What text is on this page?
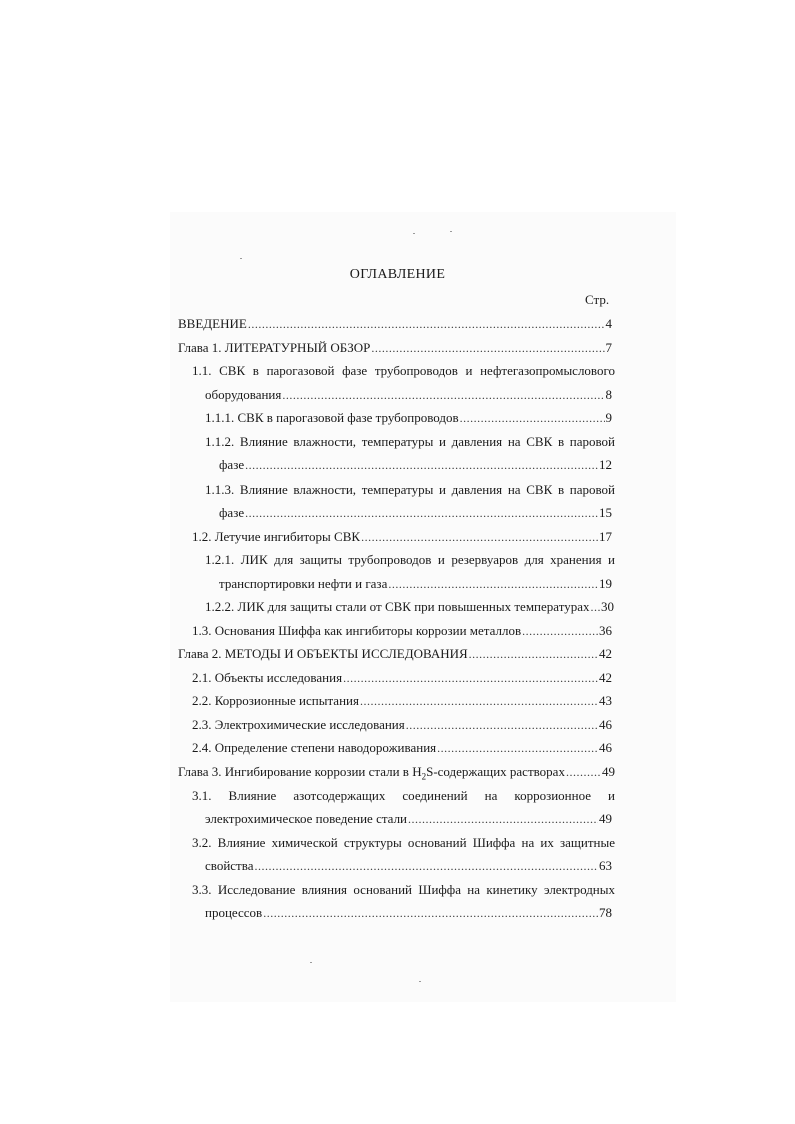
ОГЛАВЛЕНИЕ
Стр.
ВВЕДЕНИЕ .....	4
Глава 1. ЛИТЕРАТУРНЫЙ ОБЗОР .....	7
1.1. СВК в парогазовой фазе трубопроводов и нефтегазопромыслового
оборудования .....	8
1.1.1. СВК в парогазовой фазе трубопроводов .....	9
1.1.2. Влияние влажности, температуры и давления на СВК в паровой
фазе .....	12
1.1.3. Влияние влажности, температуры и давления на СВК в паровой
фазе .....	15
1.2. Летучие ингибиторы СВК .....	17
1.2.1. ЛИК для защиты трубопроводов и резервуаров для хранения и
транспортировки нефти и газа .....	19
1.2.2. ЛИК для защиты стали от СВК при повышенных температурах ..... 30
1.3. Основания Шиффа как ингибиторы коррозии металлов .....	36
Глава 2. МЕТОДЫ И ОБЪЕКТЫ ИССЛЕДОВАНИЯ .....	42
2.1. Объекты исследования .....	42
2.2. Коррозионные испытания .....	43
2.3. Электрохимические исследования .....	46
2.4. Определение степени наводороживания .....	46
Глава 3. Ингибирование коррозии стали в $H_2S$-содержащих растворах .....	49
3.1. Влияние азотсодержащих соединений на коррозионное и
электрохимическое поведение стали .....	49
3.2. Влияние химической структуры оснований Шиффа на их защитные
свойства .....	63
3.3. Исследование влияния оснований Шиффа на кинетику электродных
процессов .....	78
